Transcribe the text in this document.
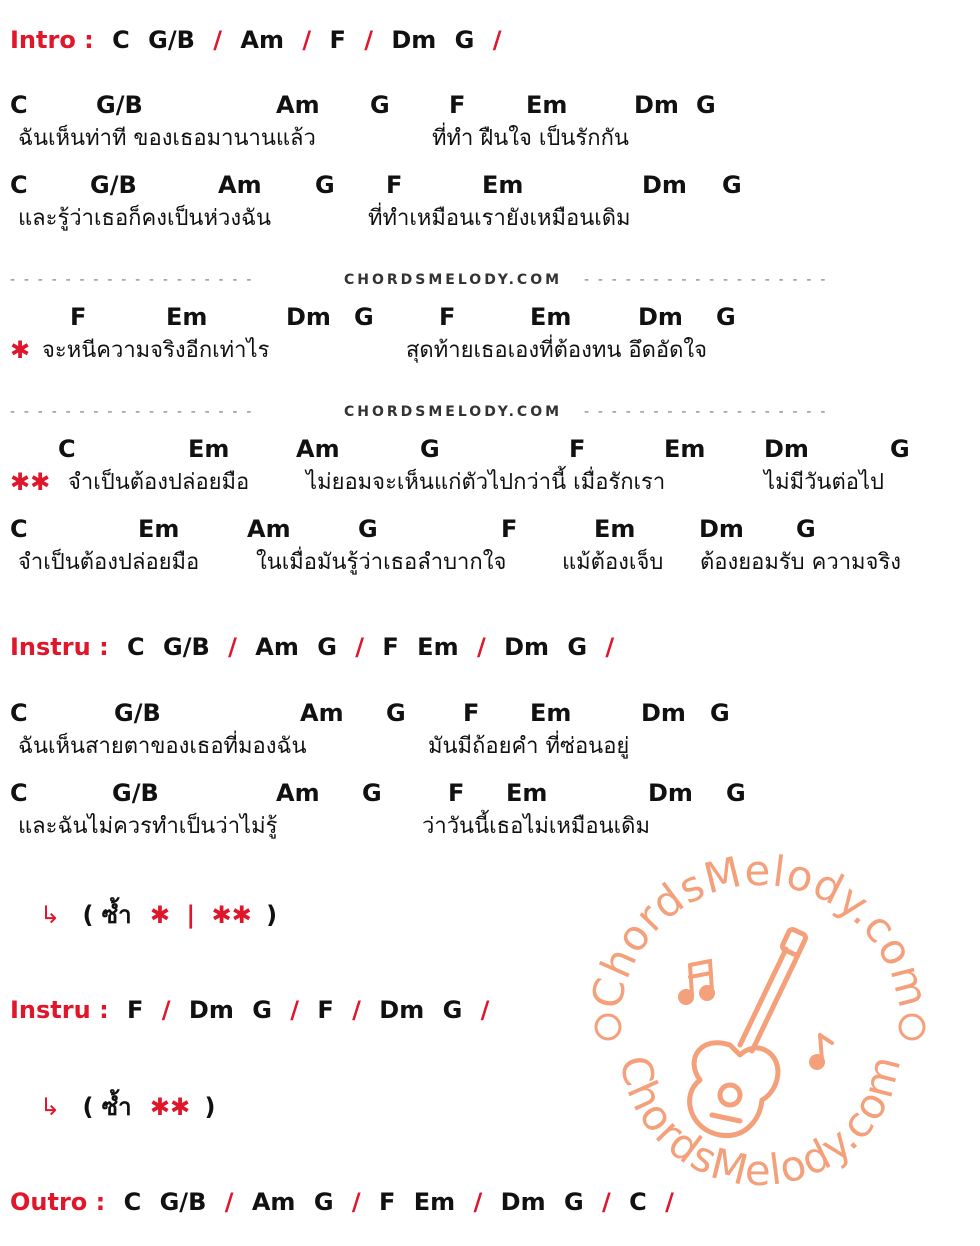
Intro : C G/B / Am / F / Dm G /
C	G/B	Am G F	Em	Dm G
ฉันเห็นท่าที ของเธอมานานแล้ว	ที่ทำ ฝืนใจ เป็นรักกัน
C	G/B	Am G F	Em	Dm G
และรู้ว่าเธอก็คงเป็นห่วงฉัน	ที่ทำเหมือนเรายังเหมือนเดิม
- - - - - - - - - - - - - - - - - -	CHORDSMELODY.COM - - - - - - - - - - - - - - - - - -
F	Em	Dm G	F	Em	Dm G
✱ จะหนีความจริงอีกเท่าไร	สุดท้ายเธอเองที่ต้องทน อึดอัดใจ
- - - - - - - - - - - - - - - - - -	CHORDSMELODY.COM - - - - - - - - - - - - - - - - - -
C	Em	Am	G	F	Em Dm	G
✱✱ จำเป็นต้องปล่อยมือ	ไม่ยอมจะเห็นแก่ตัวไปกว่านี้ เมื่อรักเรา	ไม่มีวันต่อไป
C	Em	Am	G	F	Em	Dm G
จำเป็นต้องปล่อยมือ	ในเมื่อมันรู้ว่าเธอลำบากใจ	แม้ต้องเจ็บ ต้องยอมรับ ความจริง
Instru : C G/B / Am G / F Em / Dm G /
C	G/B	Am G F Em	Dm G
ฉันเห็นสายตาของเธอที่มองฉัน	มันมีถ้อยคำ ที่ซ่อนอยู่
C	G/B	Am G	F Em	Dm G
และฉันไม่ควรทำเป็นว่าไม่รู้	ว่าวันนี้เธอไม่เหมือนเดิม
↳ ( ซ้ำ ✱ | ✱✱ )
Instru : F / Dm G / F / Dm G /
↳ ( ซ้ำ ✱✱ )
Outro : C G/B / Am G / F Em / Dm G / C /
ChordsMelody.com
ChordsMelody.com
